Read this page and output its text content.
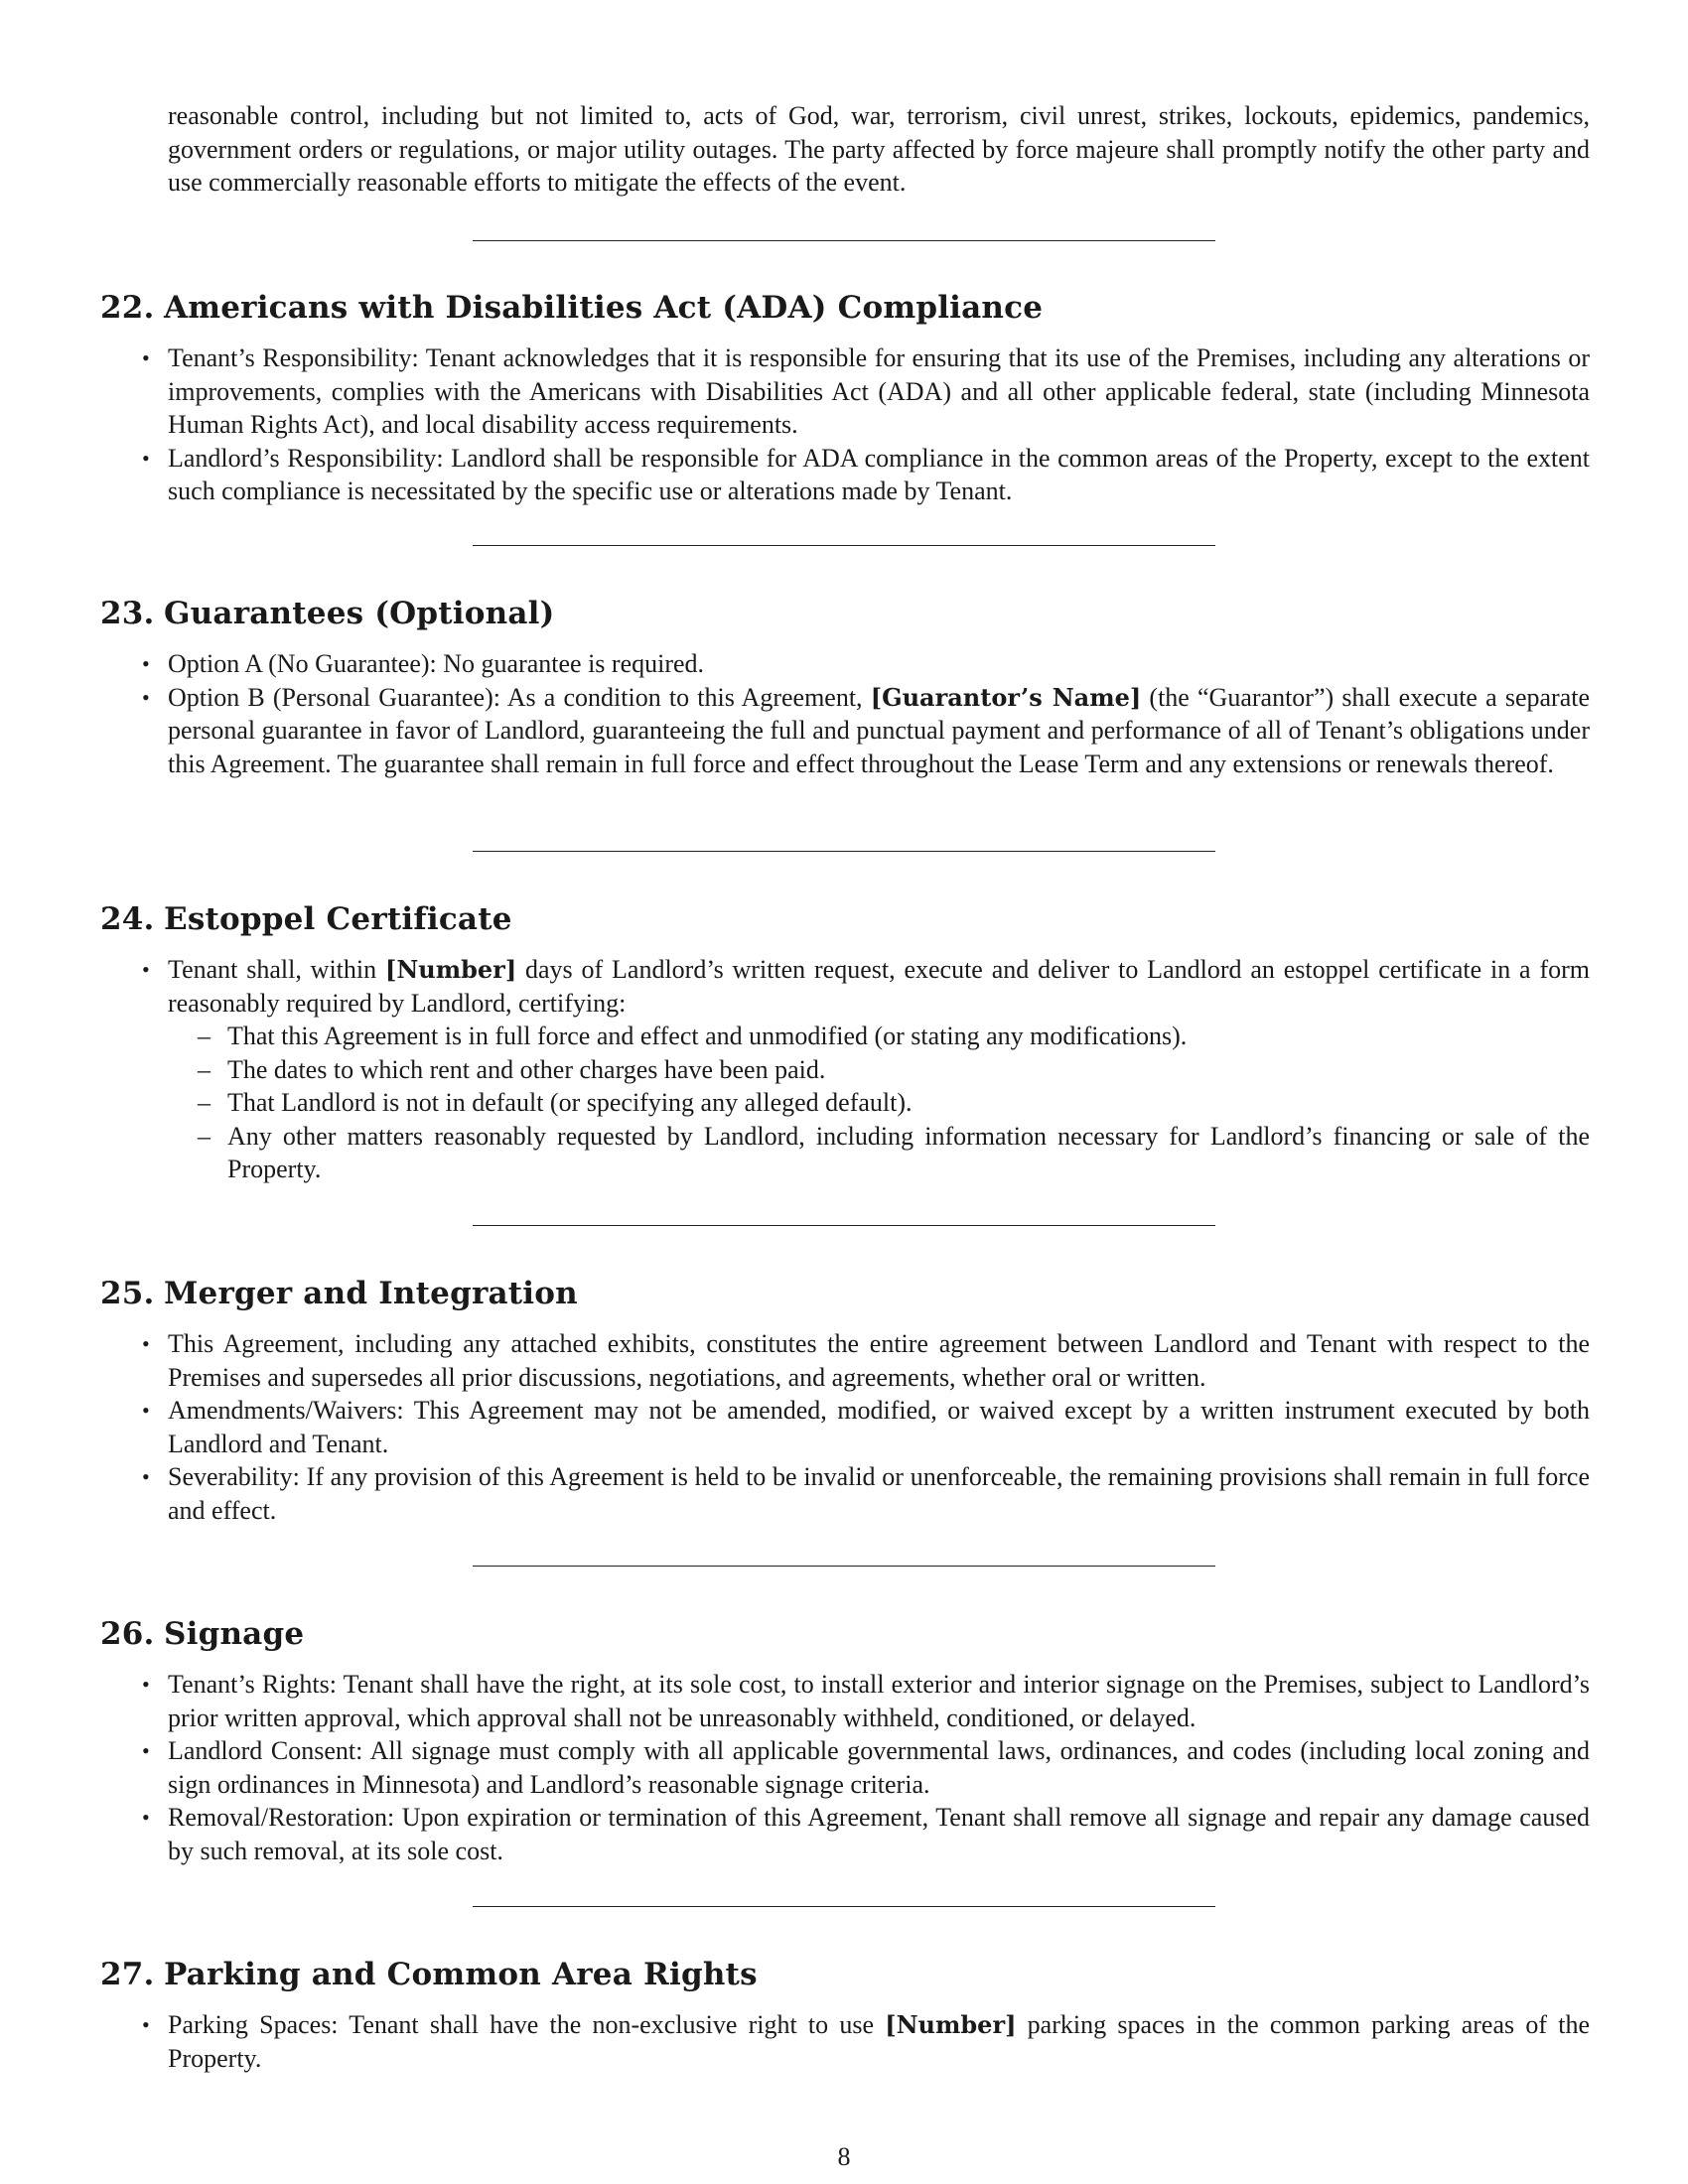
reasonable control, including but not limited to, acts of God, war, terrorism, civil unrest, strikes, lockouts, epidemics, pandemics, government orders or regulations, or major utility outages. The party affected by force majeure shall promptly notify the other party and use commercially reasonable efforts to mitigate the effects of the event.

22. Americans with Disabilities Act (ADA) Compliance
• Tenant’s Responsibility: Tenant acknowledges that it is responsible for ensuring that its use of the Premises, including any alterations or improvements, complies with the Americans with Disabilities Act (ADA) and all other applicable federal, state (including Minnesota Human Rights Act), and local disability access requirements.
• Landlord’s Responsibility: Landlord shall be responsible for ADA compliance in the common areas of the Property, except to the extent such compliance is necessitated by the specific use or alterations made by Tenant.
23. Guarantees (Optional)
• Option A (No Guarantee): No guarantee is required.
• Option B (Personal Guarantee): As a condition to this Agreement, [Guarantor’s Name] (the “Guarantor”) shall execute a separate personal guarantee in favor of Landlord, guaranteeing the full and punctual payment and performance of all of Tenant’s obligations under this Agreement. The guarantee shall remain in full force and effect throughout the Lease Term and any extensions or renewals thereof.
24. Estoppel Certificate
• Tenant shall, within [Number] days of Landlord’s written request, execute and deliver to Landlord an estoppel certificate in a form reasonably required by Landlord, certifying:
– That this Agreement is in full force and effect and unmodified (or stating any modifications).
– The dates to which rent and other charges have been paid.
– That Landlord is not in default (or specifying any alleged default).
– Any other matters reasonably requested by Landlord, including information necessary for Landlord’s financing or sale of the Property.
25. Merger and Integration
• This Agreement, including any attached exhibits, constitutes the entire agreement between Landlord and Tenant with respect to the Premises and supersedes all prior discussions, negotiations, and agreements, whether oral or written.
• Amendments/Waivers: This Agreement may not be amended, modified, or waived except by a written instrument executed by both Landlord and Tenant.
• Severability: If any provision of this Agreement is held to be invalid or unenforceable, the remaining provisions shall remain in full force and effect.
26. Signage
• Tenant’s Rights: Tenant shall have the right, at its sole cost, to install exterior and interior signage on the Premises, subject to Landlord’s prior written approval, which approval shall not be unreasonably withheld, conditioned, or delayed.
• Landlord Consent: All signage must comply with all applicable governmental laws, ordinances, and codes (including local zoning and sign ordinances in Minnesota) and Landlord’s reasonable signage criteria.
• Removal/Restoration: Upon expiration or termination of this Agreement, Tenant shall remove all signage and repair any damage caused by such removal, at its sole cost.
27. Parking and Common Area Rights
• Parking Spaces: Tenant shall have the non-exclusive right to use [Number] parking spaces in the common parking areas of the Property.
8
